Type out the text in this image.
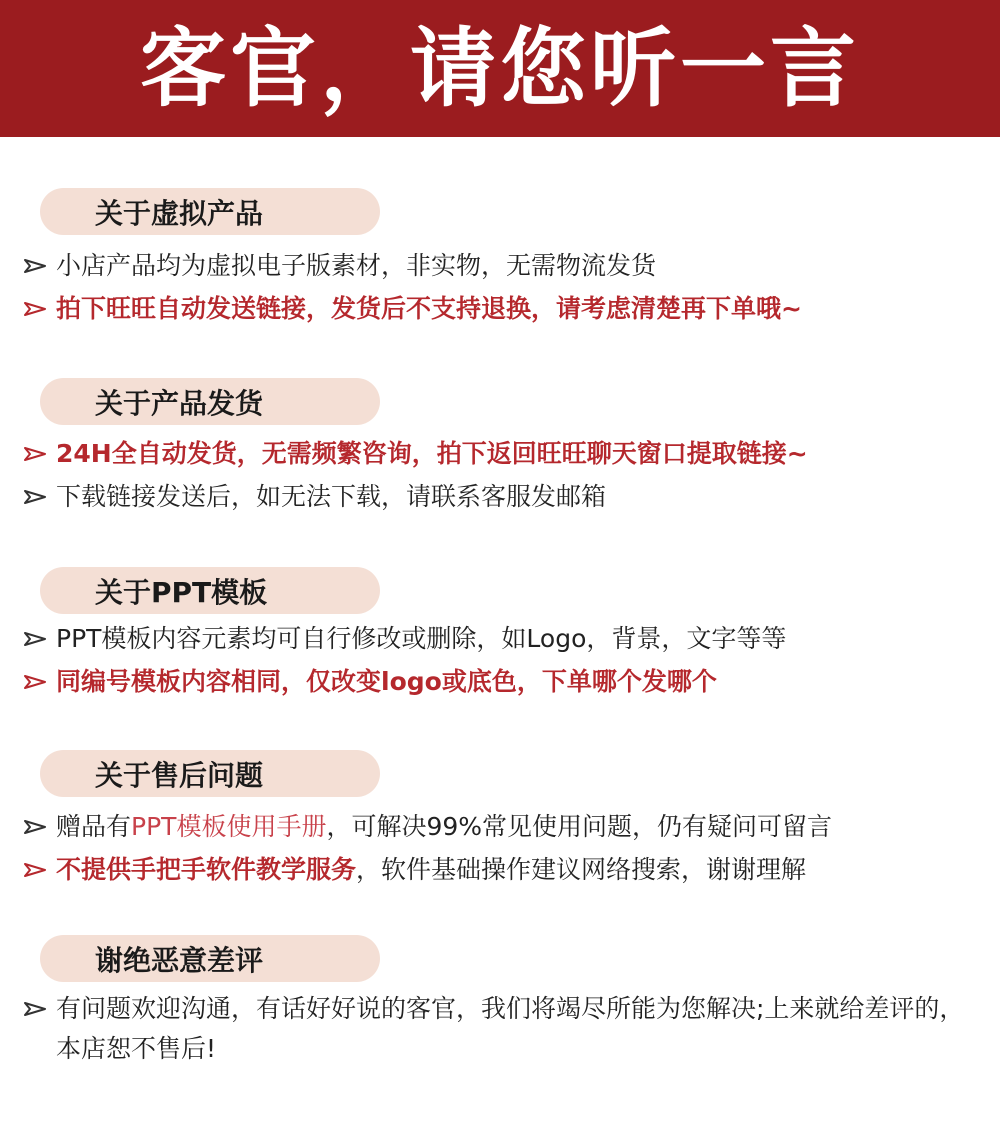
客官，请您听一言
关于虚拟产品
小店产品均为虚拟电子版素材，非实物，无需物流发货
拍下旺旺自动发送链接，发货后不支持退换，请考虑清楚再下单哦~
关于产品发货
24H全自动发货，无需频繁咨询，拍下返回旺旺聊天窗口提取链接~
下载链接发送后，如无法下载，请联系客服发邮箱
关于PPT模板
PPT模板内容元素均可自行修改或删除，如Logo，背景，文字等等
同编号模板内容相同，仅改变logo或底色，下单哪个发哪个
关于售后问题
赠品有PPT模板使用手册，可解决99%常见使用问题，仍有疑问可留言
不提供手把手软件教学服务，软件基础操作建议网络搜索，谢谢理解
谢绝恶意差评
有问题欢迎沟通，有话好好说的客官，我们将竭尽所能为您解决;上来就给差评的，本店恕不售后!
